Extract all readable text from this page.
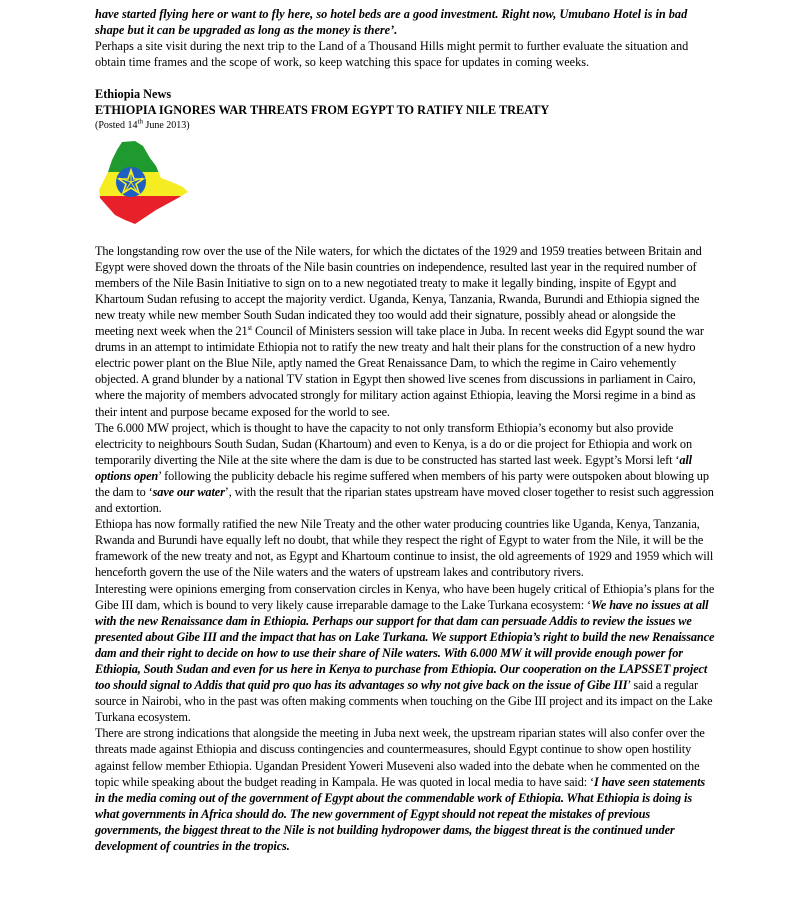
have started flying here or want to fly here, so hotel beds are a good investment. Right now, Umubano Hotel is in bad shape but it can be upgraded as long as the money is there’.

Perhaps a site visit during the next trip to the Land of a Thousand Hills might permit to further evaluate the situation and obtain time frames and the scope of work, so keep watching this space for updates in coming weeks.

Ethiopia News

ETHIOPIA IGNORES WAR THREATS FROM EGYPT TO RATIFY NILE TREATY

(Posted 14th June 2013)

The longstanding row over the use of the Nile waters, for which the dictates of the 1929 and 1959 treaties between Britain and Egypt were shoved down the throats of the Nile basin countries on independence, resulted last year in the required number of members of the Nile Basin Initiative to sign on to a new negotiated treaty to make it legally binding, inspite of Egypt and Khartoum Sudan refusing to accept the majority verdict. Uganda, Kenya, Tanzania, Rwanda, Burundi and Ethiopia signed the new treaty while new member South Sudan indicated they too would add their signature, possibly ahead or alongside the meeting next week when the 21st Council of Ministers session will take place in Juba. In recent weeks did Egypt sound the war drums in an attempt to intimidate Ethiopia not to ratify the new treaty and halt their plans for the construction of a new hydro electric power plant on the Blue Nile, aptly named the Great Renaissance Dam, to which the regime in Cairo vehemently objected. A grand blunder by a national TV station in Egypt then showed live scenes from discussions in parliament in Cairo, where the majority of members advocated strongly for military action against Ethiopia, leaving the Morsi regime in a bind as their intent and purpose became exposed for the world to see.

The 6.000 MW project, which is thought to have the capacity to not only transform Ethiopia’s economy but also provide electricity to neighbours South Sudan, Sudan (Khartoum) and even to Kenya, is a do or die project for Ethiopia and work on temporarily diverting the Nile at the site where the dam is due to be constructed has started last week. Egypt’s Morsi left ‘all options open’ following the publicity debacle his regime suffered when members of his party were outspoken about blowing up the dam to ‘save our water’, with the result that the riparian states upstream have moved closer together to resist such aggression and extortion.

Ethiopa has now formally ratified the new Nile Treaty and the other water producing countries like Uganda, Kenya, Tanzania, Rwanda and Burundi have equally left no doubt, that while they respect the right of Egypt to water from the Nile, it will be the framework of the new treaty and not, as Egypt and Khartoum continue to insist, the old agreements of 1929 and 1959 which will henceforth govern the use of the Nile waters and the waters of upstream lakes and contributory rivers.

Interesting were opinions emerging from conservation circles in Kenya, who have been hugely critical of Ethiopia’s plans for the Gibe III dam, which is bound to very likely cause irreparable damage to the Lake Turkana ecosystem: ‘We have no issues at all with the new Renaissance dam in Ethiopia. Perhaps our support for that dam can persuade Addis to review the issues we presented about Gibe III and the impact that has on Lake Turkana. We support Ethiopia’s right to build the new Renaissance dam and their right to decide on how to use their share of Nile waters. With 6.000 MW it will provide enough power for Ethiopia, South Sudan and even for us here in Kenya to purchase from Ethiopia. Our cooperation on the LAPSSET project too should signal to Addis that quid pro quo has its advantages so why not give back on the issue of Gibe III’ said a regular source in Nairobi, who in the past was often making comments when touching on the Gibe III project and its impact on the Lake Turkana ecosystem.

There are strong indications that alongside the meeting in Juba next week, the upstream riparian states will also confer over the threats made against Ethiopia and discuss contingencies and countermeasures, should Egypt continue to show open hostility against fellow member Ethiopia. Ugandan President Yoweri Museveni also waded into the debate when he commented on the topic while speaking about the budget reading in Kampala. He was quoted in local media to have said: ‘I have seen statements in the media coming out of the government of Egypt about the commendable work of Ethiopia. What Ethiopia is doing is what governments in Africa should do. The new government of Egypt should not repeat the mistakes of previous governments, the biggest threat to the Nile is not building hydropower dams, the biggest threat is the continued under development of countries in the tropics.
